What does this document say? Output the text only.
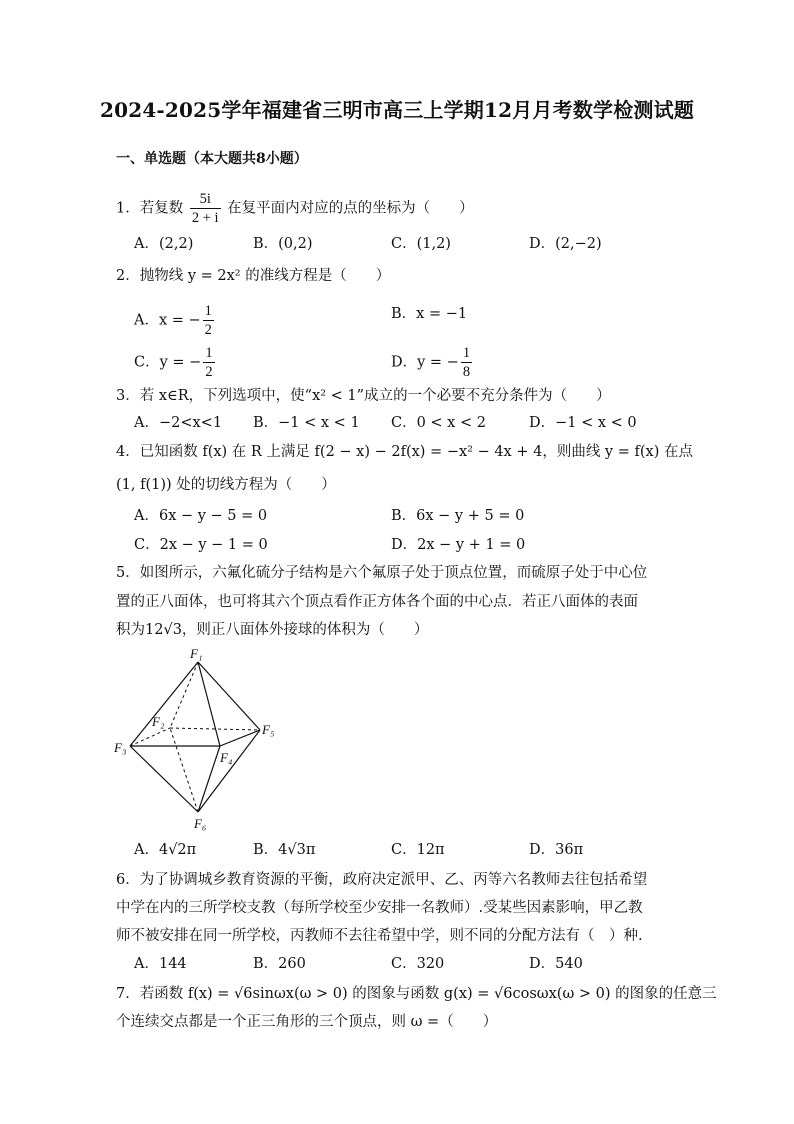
2024-2025学年福建省三明市高三上学期12月月考数学检测试题
一、单选题（本大题共8小题）
1．若复数 $\frac{5i}{2 + i}$ 在复平面内对应的点的坐标为（　　）
A．(2,2)	B．(0,2)	C．(1,2)	D．(2,−2)
2．抛物线 y = 2x² 的准线方程是（　　）
A．x = − $\frac{1}{2}$	B．x = −1
C．y = − $\frac{1}{2}$	D．y = − $\frac{1}{8}$
3．若 x∈R，下列选项中，使“x² < 1”成立的一个必要不充分条件为（　　）
A．−2<x<1 B．−1 < x < 1 C．0 < x < 2	D．−1 < x < 0
4．已知函数 f(x) 在 R 上满足 f(2 − x) − 2f(x) = −x² − 4x + 4，则曲线 y = f(x) 在点
(1, f(1)) 处的切线方程为（　　）
A．6x − y − 5 = 0	B．6x − y + 5 = 0
C．2x − y − 1 = 0	D．2x − y + 1 = 0
5．如图所示，六氟化硫分子结构是六个氟原子处于顶点位置，而硫原子处于中心位
置的正八面体，也可将其六个顶点看作正方体各个面的中心点．若正八面体的表面
积为12√3，则正八面体外接球的体积为（　　）
F₁
F₂
F₃
F₄
F₅
F₆
A．4√2π	B．4√3π	C．12π	D．36π
6．为了协调城乡教育资源的平衡，政府决定派甲、乙、丙等六名教师去往包括希望
中学在内的三所学校支教（每所学校至少安排一名教师）.受某些因素影响，甲乙教
师不被安排在同一所学校，丙教师不去往希望中学，则不同的分配方法有（　）种.
A．144	B．260	C．320	D．540
7．若函数 f(x) = √6sinωx(ω > 0) 的图象与函数 g(x) = √6cosωx(ω > 0) 的图象的任意三
个连续交点都是一个正三角形的三个顶点，则 ω =（　　）
